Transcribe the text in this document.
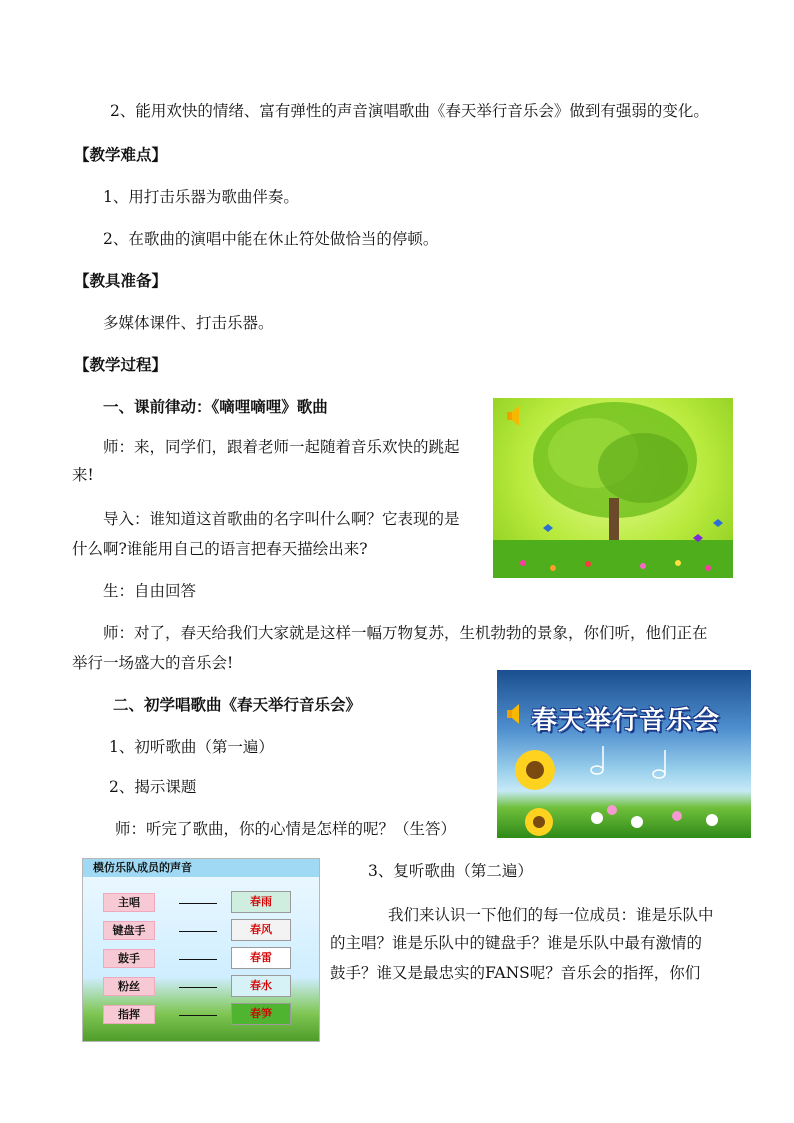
2、能用欢快的情绪、富有弹性的声音演唱歌曲《春天举行音乐会》做到有强弱的变化。
【教学难点】
1、用打击乐器为歌曲伴奏。
2、在歌曲的演唱中能在休止符处做恰当的停顿。
【教具准备】
多媒体课件、打击乐器。
【教学过程】
一、课前律动：《嘀哩嘀哩》歌曲
师：来，同学们，跟着老师一起随着音乐欢快的跳起
来!
导入：谁知道这首歌曲的名字叫什么啊？它表现的是
什么啊?谁能用自己的语言把春天描绘出来?
生：自由回答
师：对了，春天给我们大家就是这样一幅万物复苏，生机勃勃的景象，你们听，他们正在
举行一场盛大的音乐会!
二、初学唱歌曲《春天举行音乐会》
1、初听歌曲（第一遍）
2、揭示课题
师：听完了歌曲，你的心情是怎样的呢？（生答）
3、复听歌曲（第二遍）
我们来认识一下他们的每一位成员：谁是乐队中
的主唱？谁是乐队中的键盘手？谁是乐队中最有激情的
鼓手？谁又是最忠实的FANS呢？音乐会的指挥，你们
春天举行音乐会
模仿乐队成员的声音
主唱	春雨
键盘手	春风
鼓手	春雷
粉丝	春水
指挥	春笋
